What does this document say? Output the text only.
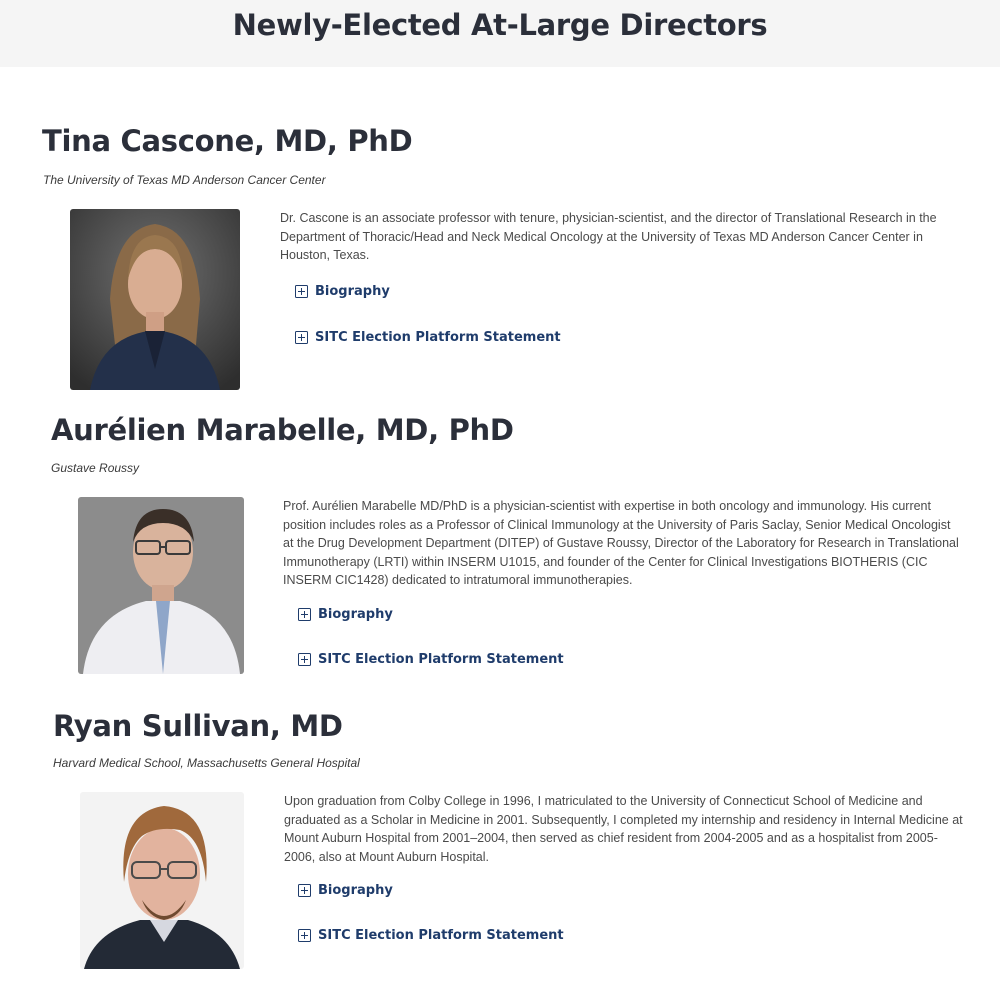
Newly-Elected At-Large Directors
Tina Cascone, MD, PhD

The University of Texas MD Anderson Cancer Center

Dr. Cascone is an associate professor with tenure, physician-scientist, and the director of Translational Research in the Department of Thoracic/Head and Neck Medical Oncology at the University of Texas MD Anderson Cancer Center in Houston, Texas.

Biography
SITC Election Platform Statement
Aurélien Marabelle, MD, PhD

Gustave Roussy

Prof. Aurélien Marabelle MD/PhD is a physician-scientist with expertise in both oncology and immunology. His current position includes roles as a Professor of Clinical Immunology at the University of Paris Saclay, Senior Medical Oncologist at the Drug Development Department (DITEP) of Gustave Roussy, Director of the Laboratory for Research in Translational Immunotherapy (LRTI) within INSERM U1015, and founder of the Center for Clinical Investigations BIOTHERIS (CIC INSERM CIC1428) dedicated to intratumoral immunotherapies.

Biography
SITC Election Platform Statement
Ryan Sullivan, MD

Harvard Medical School, Massachusetts General Hospital

Upon graduation from Colby College in 1996, I matriculated to the University of Connecticut School of Medicine and graduated as a Scholar in Medicine in 2001. Subsequently, I completed my internship and residency in Internal Medicine at Mount Auburn Hospital from 2001–2004, then served as chief resident from 2004-2005 and as a hospitalist from 2005-2006, also at Mount Auburn Hospital.

Biography
SITC Election Platform Statement
